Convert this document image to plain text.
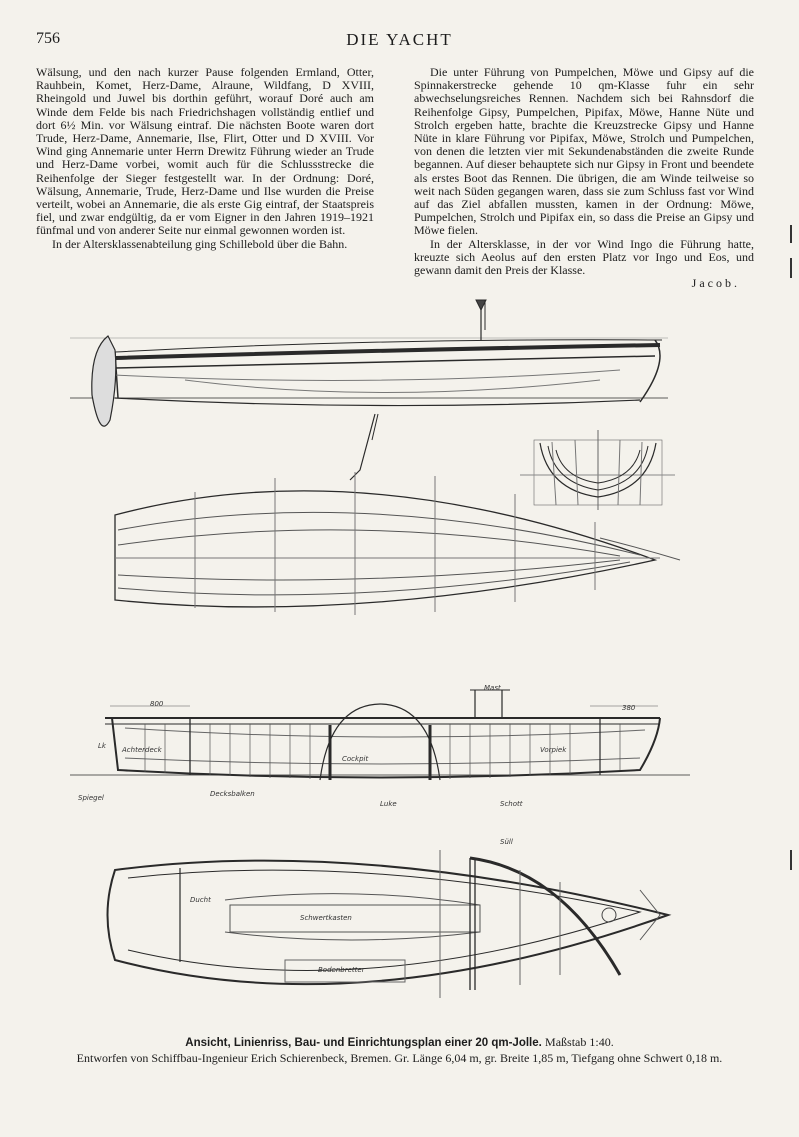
756	DIE YACHT

Wälsung, und den nach kurzer Pause folgenden Ermland, Otter, Rauhbein, Komet, Herz-Dame, Alraune, Wildfang, D XVIII, Rheingold und Juwel bis dorthin geführt, worauf Doré auch am Winde dem Felde bis nach Friedrichshagen vollständig entlief und dort 6½ Min. vor Wälsung eintraf. Die nächsten Boote waren dort Trude, Herz-Dame, Annemarie, Ilse, Flirt, Otter und D XVIII. Vor Wind ging Annemarie unter Herrn Drewitz Führung wieder an Trude und Herz-Dame vorbei, womit auch für die Schlussstrecke die Reihenfolge der Sieger festgestellt war. In der Ordnung: Doré, Wälsung, Annemarie, Trude, Herz-Dame und Ilse wurden die Preise verteilt, wobei an Annemarie, die als erste Gig eintraf, der Staatspreis fiel, und zwar endgültig, da er vom Eigner in den Jahren 1919–1921 fünfmal und von anderer Seite nur einmal gewonnen worden ist.

In der Altersklassenabteilung ging Schillebold über die Bahn.

Die unter Führung von Pumpelchen, Möwe und Gipsy auf die Spinnakerstrecke gehende 10 qm-Klasse fuhr ein sehr abwechselungsreiches Rennen. Nachdem sich bei Rahnsdorf die Reihenfolge Gipsy, Pumpelchen, Pipifax, Möwe, Hanne Nüte und Strolch ergeben hatte, brachte die Kreuzstrecke Gipsy und Hanne Nüte in klare Führung vor Pipifax, Möwe, Strolch und Pumpelchen, von denen die letzten vier mit Sekundenabständen die zweite Runde begannen. Auf dieser behauptete sich nur Gipsy in Front und beendete als erstes Boot das Rennen. Die übrigen, die am Winde teilweise so weit nach Süden gegangen waren, dass sie zum Schluss fast vor Wind auf das Ziel abfallen mussten, kamen in der Ordnung: Möwe, Pumpelchen, Strolch und Pipifax ein, so dass die Preise an Gipsy und Möwe fielen.

In der Altersklasse, in der vor Wind Ingo die Führung hatte, kreuzte sich Aeolus auf den ersten Platz vor Ingo und Eos, und gewann damit den Preis der Klasse.

Jacob.

800	380
Lk
Spiegel
Achterdeck
Cockpit
Vorpiek
Schwertkasten
Bodenbretter
Mast
Ducht
Decksbalken
Schott
Luke
Süll
Ansicht, Linienriss, Bau- und Einrichtungsplan einer 20 qm-Jolle. Maßstab 1:40.
Entworfen von Schiffbau-Ingenieur Erich Schierenbeck, Bremen. Gr. Länge 6,04 m, gr. Breite 1,85 m, Tiefgang ohne Schwert 0,18 m.
